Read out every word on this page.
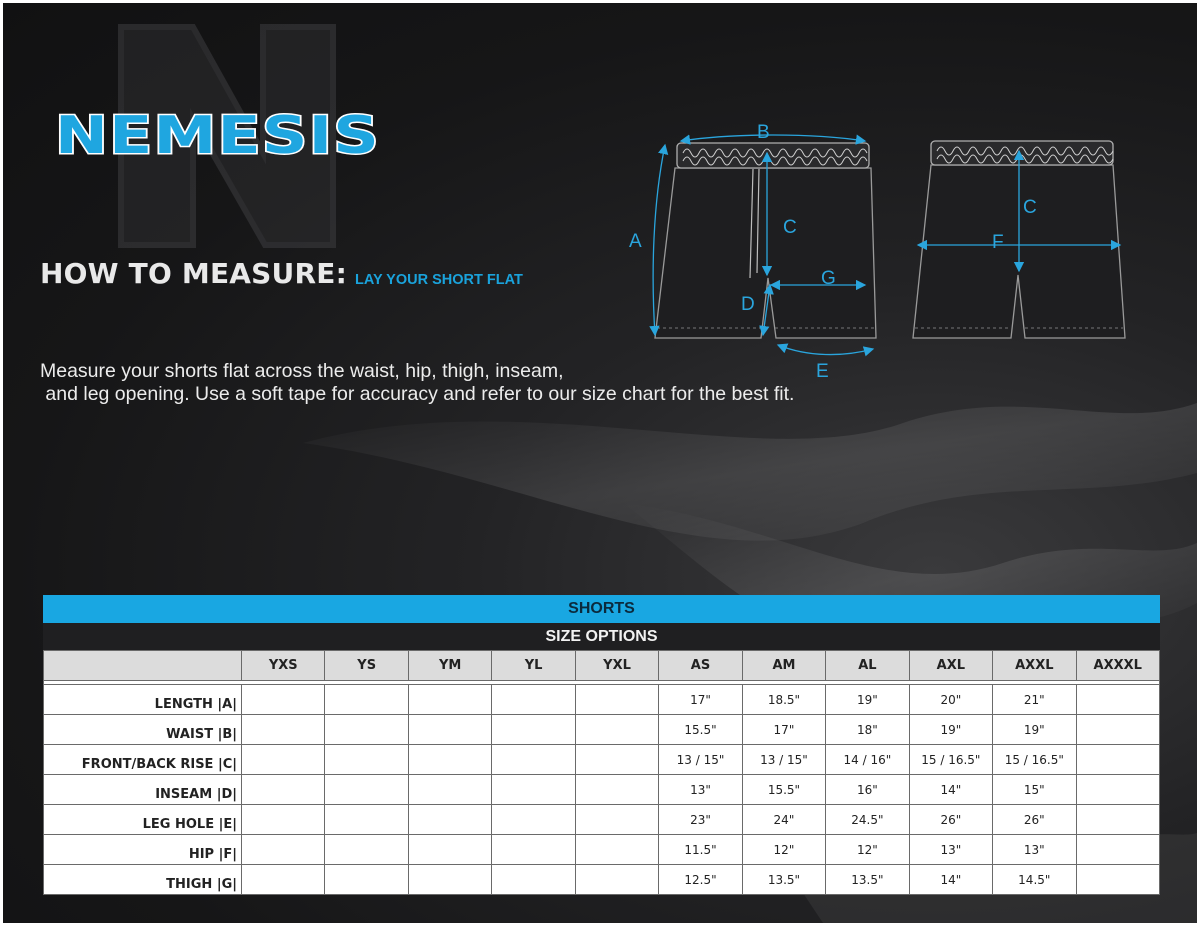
NEMESIS
HOW TO MEASURE: LAY YOUR SHORT FLAT
Measure your shorts flat across the waist, hip, thigh, inseam,
and leg opening. Use a soft tape for accuracy and refer to our size chart for the best fit.
A
B
C
D
E
G
C
F
SHORTS
SIZE OPTIONS
	YXS	YS	YM	YL	YXL	AS	AM	AL	AXL	AXXL	AXXXL

LENGTH |A|						17"	18.5"	19"	20"	21"	
WAIST |B|						15.5"	17"	18"	19"	19"	
FRONT/BACK RISE |C|						13 / 15"	13 / 15"	14 / 16"	15 / 16.5"	15 / 16.5"	
INSEAM |D|						13"	15.5"	16"	14"	15"	
LEG HOLE |E|						23"	24"	24.5"	26"	26"	
HIP |F|						11.5"	12"	12"	13"	13"	
THIGH |G|						12.5"	13.5"	13.5"	14"	14.5"	
